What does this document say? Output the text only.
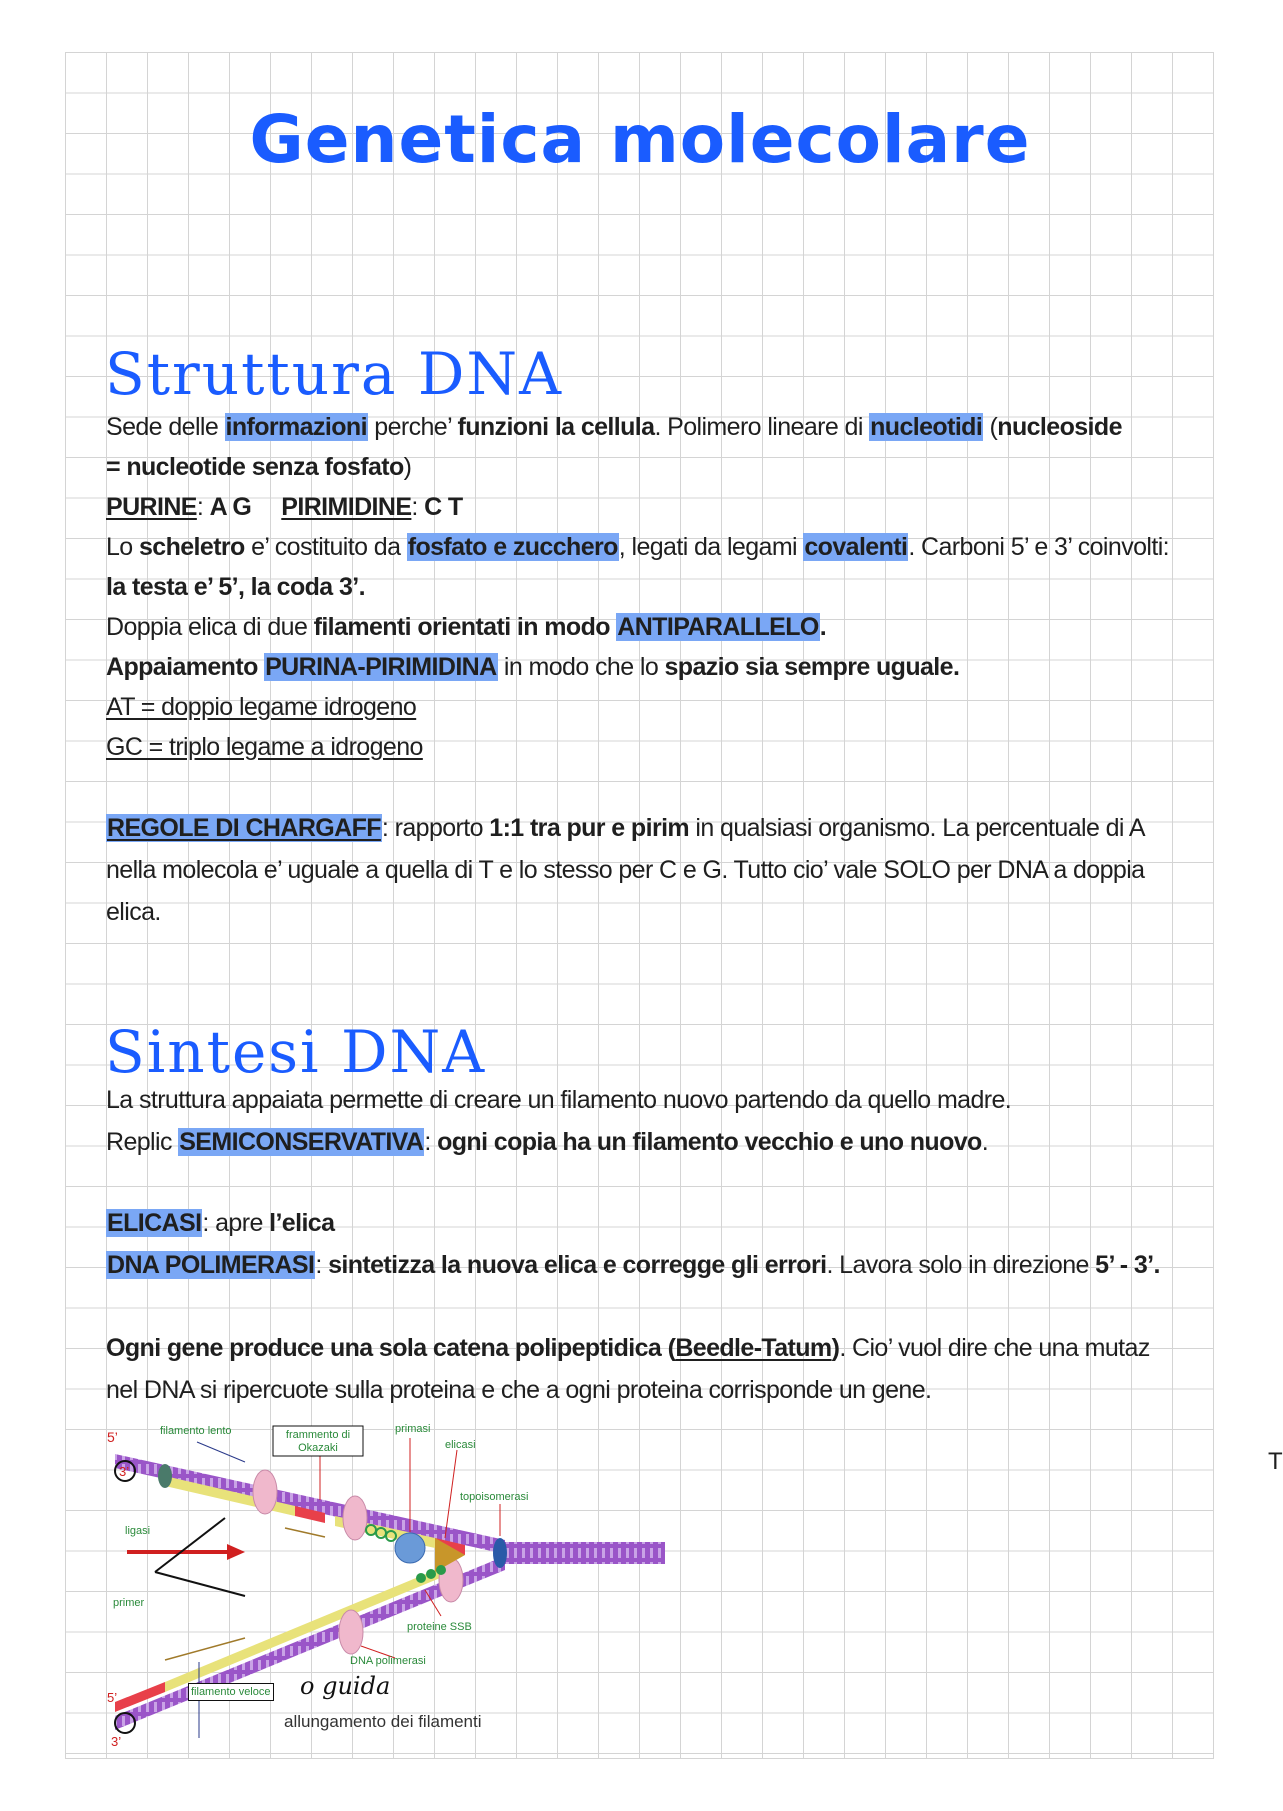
Genetica molecolare
Struttura DNA
Sede delle informazioni perche’ funzioni la cellula. Polimero lineare di nucleotidi (nucleoside
= nucleotide senza fosfato)
PURINE: A G PIRIMIDINE: C T
Lo scheletro e’ costituito da fosfato e zucchero, legati da legami covalenti. Carboni 5’ e 3’ coinvolti:
la testa e’ 5’, la coda 3’.
Doppia elica di due filamenti orientati in modo ANTIPARALLELO.
Appaiamento PURINA-PIRIMIDINA in modo che lo spazio sia sempre uguale.
AT = doppio legame idrogeno
GC = triplo legame a idrogeno
REGOLE DI CHARGAFF: rapporto 1:1 tra pur e pirim in qualsiasi organismo. La percentuale di A
nella molecola e’ uguale a quella di T e lo stesso per C e G. Tutto cio’ vale SOLO per DNA a doppia
elica.
Sintesi DNA
La struttura appaiata permette di creare un filamento nuovo partendo da quello madre.
Replic SEMICONSERVATIVA: ogni copia ha un filamento vecchio e uno nuovo.
ELICASI: apre l’elica
DNA POLIMERASI: sintetizza la nuova elica e corregge gli errori. Lavora solo in direzione 5’ - 3’.
Ogni gene produce una sola catena polipeptidica (Beedle-Tatum). Cio’ vuol dire che una mutaz
nel DNA si ripercuote sulla proteina e che a ogni proteina corrisponde un gene.
T
5’
3’
filamento lento	frammento di
Okazaki
primasi
elicasi
topoisomerasi
ligasi
primer
proteine SSB
DNA polimerasi
5’
3’
filamento veloce o guida
allungamento dei filamenti
